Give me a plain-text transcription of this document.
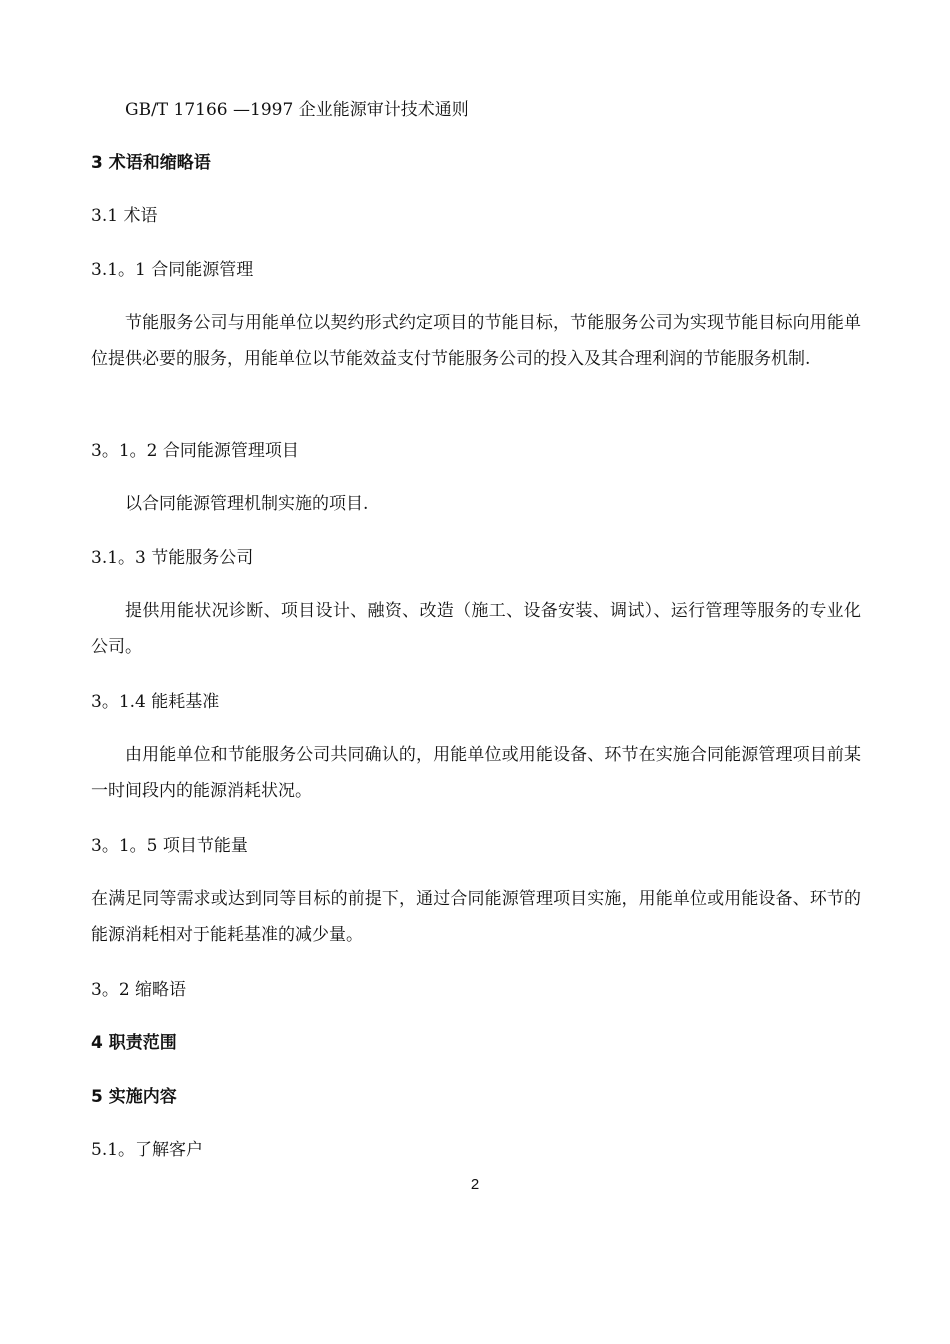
GB/T 17166 —1997 企业能源审计技术通则
3 术语和缩略语
3.1 术语
3.1。1 合同能源管理
节能服务公司与用能单位以契约形式约定项目的节能目标，节能服务公司为实现节能目标向用能单位提供必要的服务，用能单位以节能效益支付节能服务公司的投入及其合理利润的节能服务机制.
3。1。2 合同能源管理项目
以合同能源管理机制实施的项目.
3.1。3 节能服务公司
提供用能状况诊断、项目设计、融资、改造（施工、设备安装、调试）、运行管理等服务的专业化公司。
3。1.4 能耗基准
由用能单位和节能服务公司共同确认的，用能单位或用能设备、环节在实施合同能源管理项目前某一时间段内的能源消耗状况。
3。1。5 项目节能量
在满足同等需求或达到同等目标的前提下，通过合同能源管理项目实施，用能单位或用能设备、环节的能源消耗相对于能耗基准的减少量。
3。2 缩略语
4 职责范围
5 实施内容
5.1。了解客户
2
